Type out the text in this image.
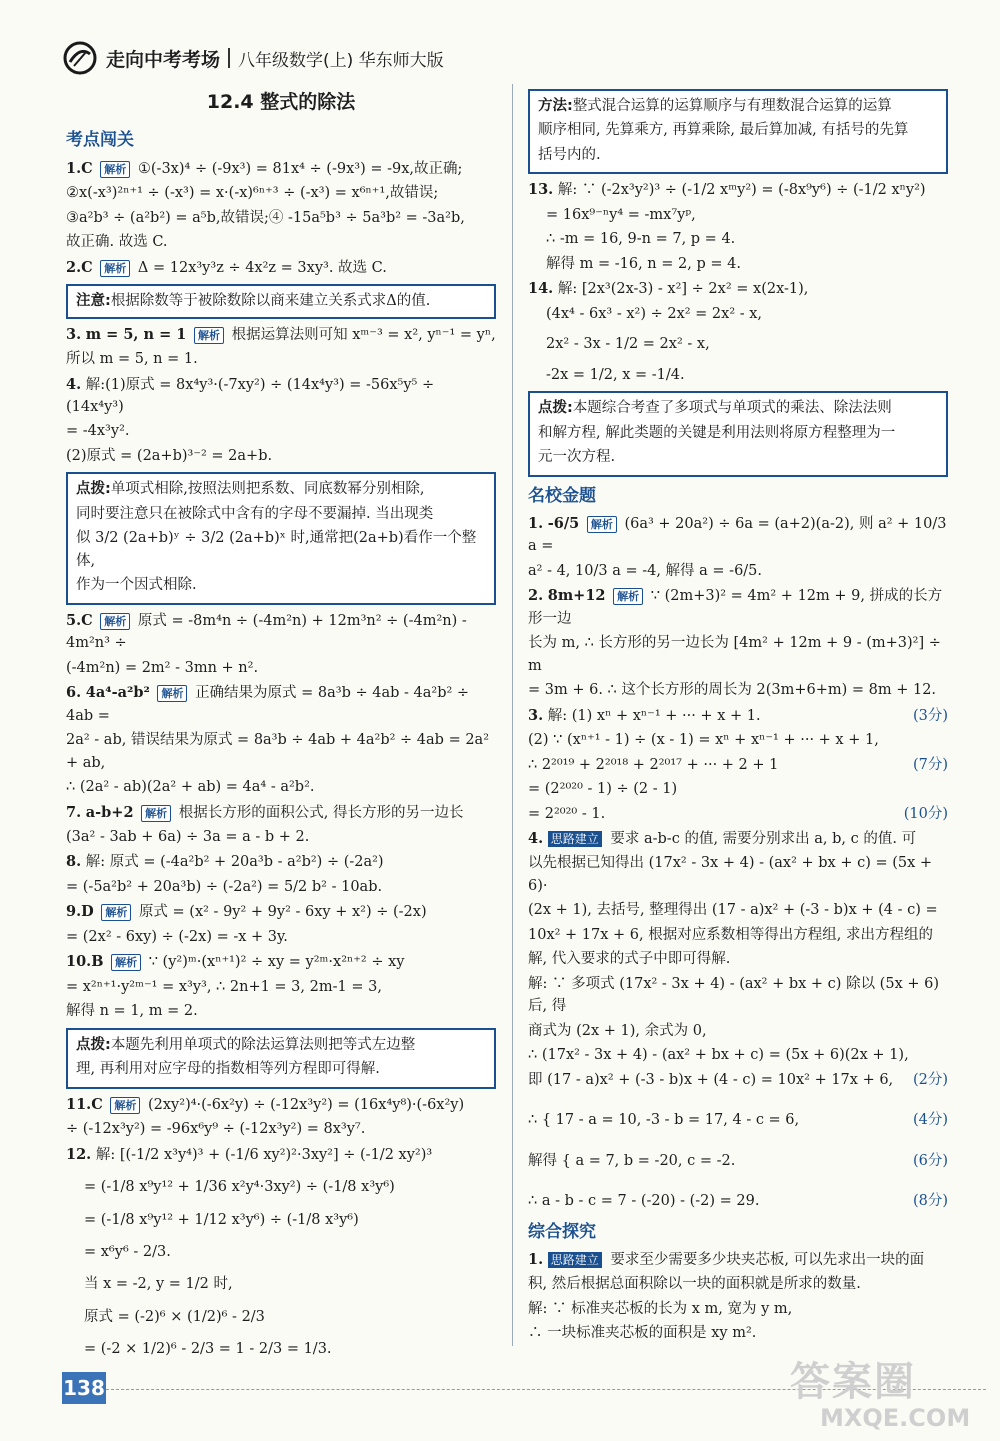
走向中考考场 八年级数学(上) 华东师大版
12.4 整式的除法
考点闯关
1.C 解析 ①(-3x)⁴ ÷ (-9x³) = 81x⁴ ÷ (-9x³) = -9x,故正确;
②x(-x³)²ⁿ⁺¹ ÷ (-x³) = x·(-x)⁶ⁿ⁺³ ÷ (-x³) = x⁶ⁿ⁺¹,故错误;
③a²b³ ÷ (a²b²) = a⁵b,故错误;④ -15a⁵b³ ÷ 5a³b² = -3a²b,
故正确. 故选 C.
2.C 解析 Δ = 12x³y³z ÷ 4x²z = 3xy³. 故选 C.
注意:根据除数等于被除数除以商来建立关系式求Δ的值.
3. m = 5, n = 1 解析 根据运算法则可知 xᵐ⁻³ = x², yⁿ⁻¹ = yⁿ,
所以 m = 5, n = 1.
4. 解:(1)原式 = 8x⁴y³·(-7xy²) ÷ (14x⁴y³) = -56x⁵y⁵ ÷ (14x⁴y³)
= -4x³y².
(2)原式 = (2a+b)³⁻² = 2a+b.
点拨:单项式相除,按照法则把系数、同底数幂分别相除,
同时要注意只在被除式中含有的字母不要漏掉. 当出现类
似 3/2 (2a+b)ʸ ÷ 3/2 (2a+b)ˣ 时,通常把(2a+b)看作一个整体,
作为一个因式相除.
5.C 解析 原式 = -8m⁴n ÷ (-4m²n) + 12m³n² ÷ (-4m²n) - 4m²n³ ÷
(-4m²n) = 2m² - 3mn + n².
6. 4a⁴-a²b² 解析 正确结果为原式 = 8a³b ÷ 4ab - 4a²b² ÷ 4ab =
2a² - ab, 错误结果为原式 = 8a³b ÷ 4ab + 4a²b² ÷ 4ab = 2a² + ab,
∴ (2a² - ab)(2a² + ab) = 4a⁴ - a²b².
7. a-b+2 解析 根据长方形的面积公式, 得长方形的另一边长
(3a² - 3ab + 6a) ÷ 3a = a - b + 2.
8. 解: 原式 = (-4a²b² + 20a³b - a²b²) ÷ (-2a²)
= (-5a²b² + 20a³b) ÷ (-2a²) = 5/2 b² - 10ab.
9.D 解析 原式 = (x² - 9y² + 9y² - 6xy + x²) ÷ (-2x)
= (2x² - 6xy) ÷ (-2x) = -x + 3y.
10.B 解析 ∵ (y²)ᵐ·(xⁿ⁺¹)² ÷ xy = y²ᵐ·x²ⁿ⁺² ÷ xy
= x²ⁿ⁺¹·y²ᵐ⁻¹ = x³y³, ∴ 2n+1 = 3, 2m-1 = 3,
解得 n = 1, m = 2.
点拨:本题先利用单项式的除法运算法则把等式左边整
理, 再利用对应字母的指数相等列方程即可得解.
11.C 解析 (2xy²)⁴·(-6x²y) ÷ (-12x³y²) = (16x⁴y⁸)·(-6x²y)
÷ (-12x³y²) = -96x⁶y⁹ ÷ (-12x³y²) = 8x³y⁷.
12. 解: [(-1/2 x³y⁴)³ + (-1/6 xy²)²·3xy²] ÷ (-1/2 xy²)³
= (-1/8 x⁹y¹² + 1/36 x²y⁴·3xy²) ÷ (-1/8 x³y⁶)
= (-1/8 x⁹y¹² + 1/12 x³y⁶) ÷ (-1/8 x³y⁶)
= x⁶y⁶ - 2/3.
当 x = -2, y = 1/2 时,
原式 = (-2)⁶ × (1/2)⁶ - 2/3
= (-2 × 1/2)⁶ - 2/3 = 1 - 2/3 = 1/3.
方法:整式混合运算的运算顺序与有理数混合运算的运算
顺序相同, 先算乘方, 再算乘除, 最后算加减, 有括号的先算
括号内的.
13. 解: ∵ (-2x³y²)³ ÷ (-1/2 xᵐy²) = (-8x⁹y⁶) ÷ (-1/2 xⁿy²)
= 16x⁹⁻ⁿy⁴ = -mx⁷yᵖ,
∴ -m = 16, 9-n = 7, p = 4.
解得 m = -16, n = 2, p = 4.
14. 解: [2x³(2x-3) - x²] ÷ 2x² = x(2x-1),
(4x⁴ - 6x³ - x²) ÷ 2x² = 2x² - x,
2x² - 3x - 1/2 = 2x² - x,
-2x = 1/2, x = -1/4.
点拨:本题综合考查了多项式与单项式的乘法、除法法则
和解方程, 解此类题的关键是利用法则将原方程整理为一
元一次方程.
名校金题
1. -6/5 解析 (6a³ + 20a²) ÷ 6a = (a+2)(a-2), 则 a² + 10/3 a =
a² - 4, 10/3 a = -4, 解得 a = -6/5.
2. 8m+12 解析 ∵ (2m+3)² = 4m² + 12m + 9, 拼成的长方形一边
长为 m, ∴ 长方形的另一边长为 [4m² + 12m + 9 - (m+3)²] ÷ m
= 3m + 6. ∴ 这个长方形的周长为 2(3m+6+m) = 8m + 12.
3. 解: (1) xⁿ + xⁿ⁻¹ + ··· + x + 1.	(3分)
(2) ∵ (xⁿ⁺¹ - 1) ÷ (x - 1) = xⁿ + xⁿ⁻¹ + ··· + x + 1,
∴ 2²⁰¹⁹ + 2²⁰¹⁸ + 2²⁰¹⁷ + ··· + 2 + 1	(7分)
= (2²⁰²⁰ - 1) ÷ (2 - 1)
= 2²⁰²⁰ - 1.	(10分)
4. 思路建立 要求 a-b-c 的值, 需要分别求出 a, b, c 的值. 可
以先根据已知得出 (17x² - 3x + 4) - (ax² + bx + c) = (5x + 6)·
(2x + 1), 去括号, 整理得出 (17 - a)x² + (-3 - b)x + (4 - c) =
10x² + 17x + 6, 根据对应系数相等得出方程组, 求出方程组的
解, 代入要求的式子中即可得解.
解: ∵ 多项式 (17x² - 3x + 4) - (ax² + bx + c) 除以 (5x + 6) 后, 得
商式为 (2x + 1), 余式为 0,
∴ (17x² - 3x + 4) - (ax² + bx + c) = (5x + 6)(2x + 1),
即 (17 - a)x² + (-3 - b)x + (4 - c) = 10x² + 17x + 6, (2分)
∴ { 17 - a = 10, -3 - b = 17, 4 - c = 6,	(4分)
解得 { a = 7, b = -20, c = -2.	(6分)
∴ a - b - c = 7 - (-20) - (-2) = 29.	(8分)
综合探究
1. 思路建立 要求至少需要多少块夹芯板, 可以先求出一块的面
积, 然后根据总面积除以一块的面积就是所求的数量.
解: ∵ 标准夹芯板的长为 x m, 宽为 y m,
∴ 一块标准夹芯板的面积是 xy m².
138	答案圈
MXQE.COM
